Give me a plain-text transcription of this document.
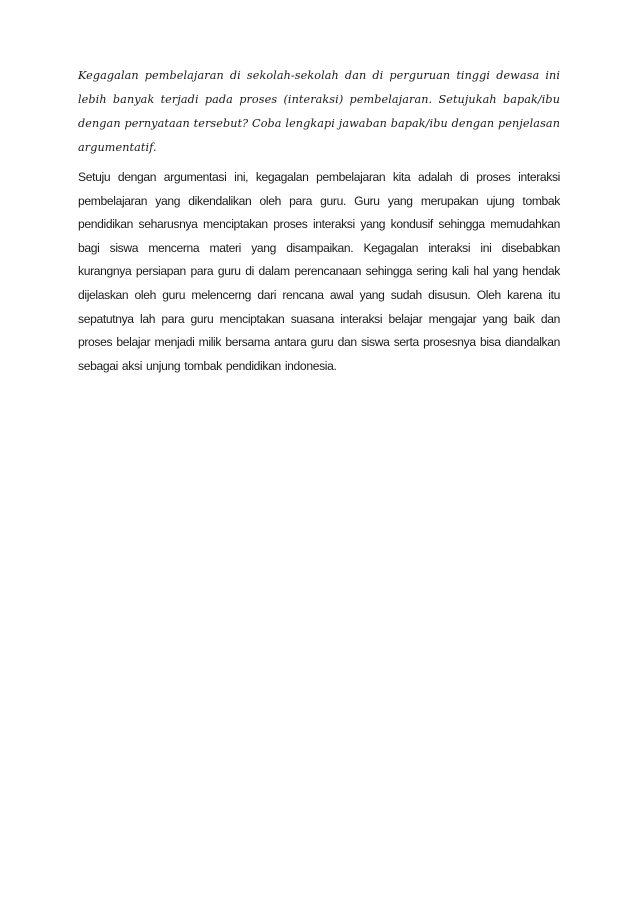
Kegagalan pembelajaran di sekolah-sekolah dan di perguruan tinggi dewasa ini lebih banyak terjadi pada proses (interaksi) pembelajaran. Setujukah bapak/ibu dengan pernyataan tersebut? Coba lengkapi jawaban bapak/ibu dengan penjelasan argumentatif.

Setuju dengan argumentasi ini, kegagalan pembelajaran kita adalah di proses interaksi pembelajaran yang dikendalikan oleh para guru. Guru yang merupakan ujung tombak pendidikan seharusnya menciptakan proses interaksi yang kondusif sehingga memudahkan bagi siswa mencerna materi yang disampaikan. Kegagalan interaksi ini disebabkan kurangnya persiapan para guru di dalam perencanaan sehingga sering kali hal yang hendak dijelaskan oleh guru melencerng dari rencana awal yang sudah disusun. Oleh karena itu sepatutnya lah para guru menciptakan suasana interaksi belajar mengajar yang baik dan proses belajar menjadi milik bersama antara guru dan siswa serta prosesnya bisa diandalkan sebagai aksi unjung tombak pendidikan indonesia.
